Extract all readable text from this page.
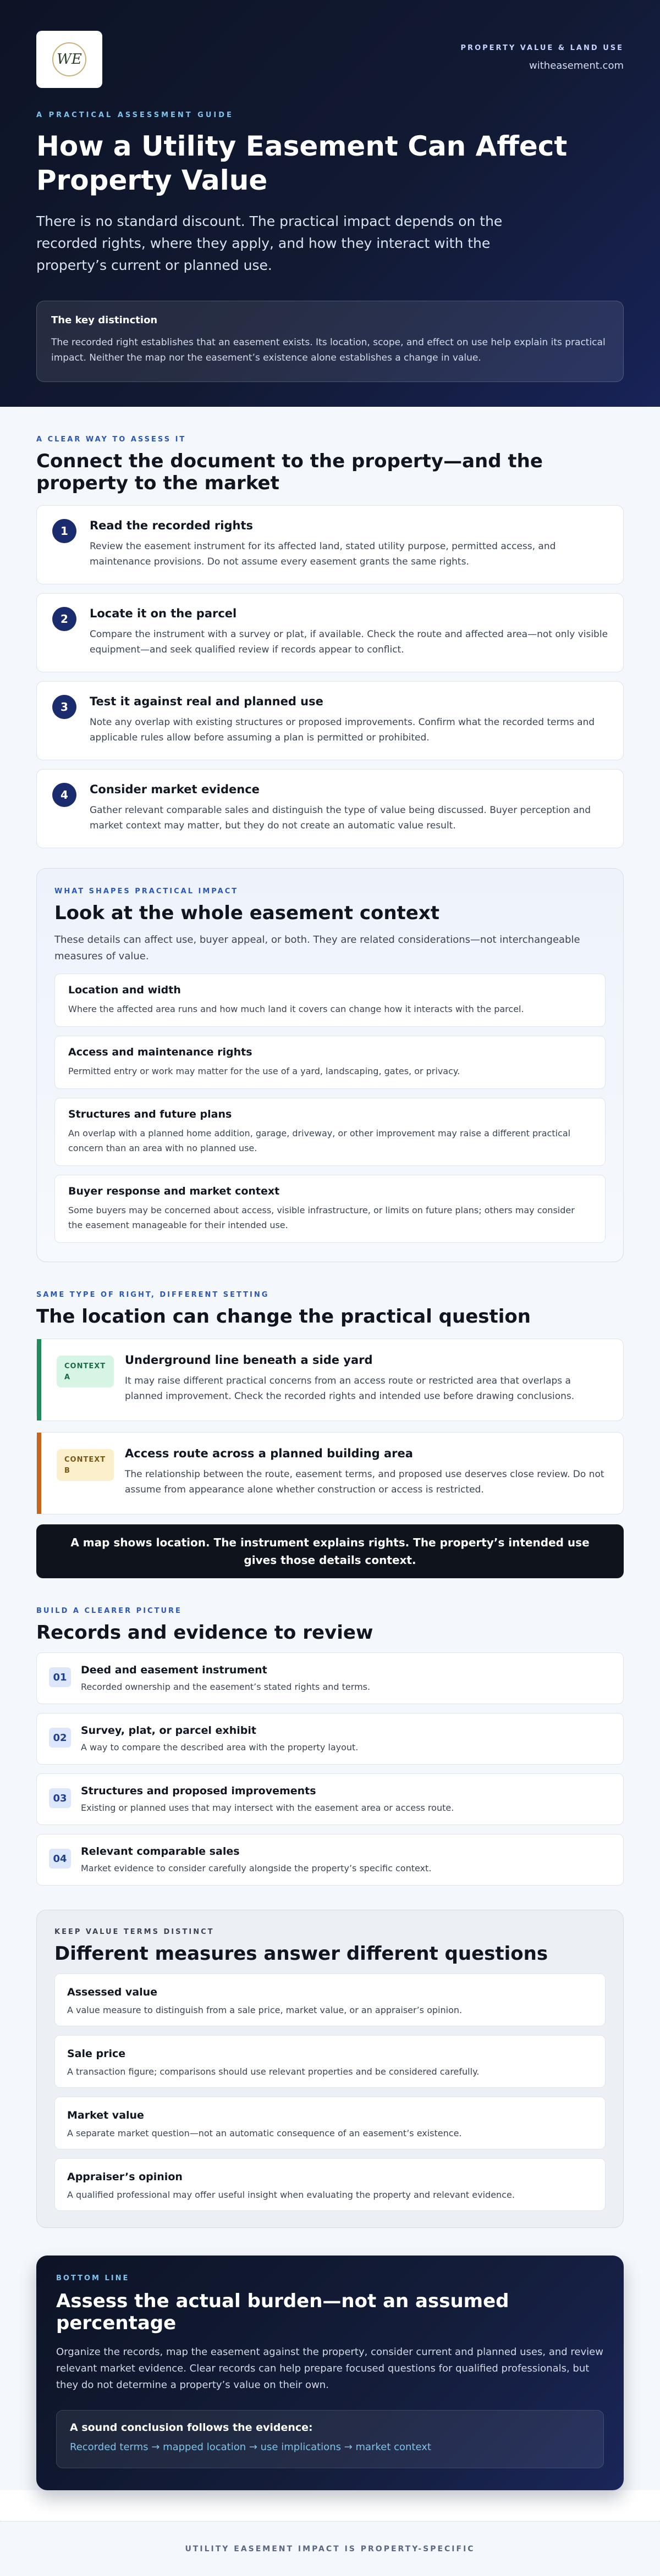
WE
PROPERTY VALUE & LAND USE
witheasement.com
A PRACTICAL ASSESSMENT GUIDE
How a Utility Easement Can Affect Property Value

There is no standard discount. The practical impact depends on the recorded rights, where they apply, and how they interact with the property’s current or planned use.

The key distinction
The recorded right establishes that an easement exists. Its location, scope, and effect on use help explain its practical impact. Neither the map nor the easement’s existence alone establishes a change in value.
A CLEAR WAY TO ASSESS IT
Connect the document to the property—and the property to the market
1	Read the recorded rights
Review the easement instrument for its affected land, stated utility purpose, permitted access, and maintenance provisions. Do not assume every easement grants the same rights.
2	Locate it on the parcel
Compare the instrument with a survey or plat, if available. Check the route and affected area—not only visible equipment—and seek qualified review if records appear to conflict.
3	Test it against real and planned use
Note any overlap with existing structures or proposed improvements. Confirm what the recorded terms and applicable rules allow before assuming a plan is permitted or prohibited.
4	Consider market evidence
Gather relevant comparable sales and distinguish the type of value being discussed. Buyer perception and market context may matter, but they do not create an automatic value result.
WHAT SHAPES PRACTICAL IMPACT
Look at the whole easement context

These details can affect use, buyer appeal, or both. They are related considerations—not interchangeable measures of value.

Location and width
Where the affected area runs and how much land it covers can change how it interacts with the parcel.
Access and maintenance rights
Permitted entry or work may matter for the use of a yard, landscaping, gates, or privacy.
Structures and future plans
An overlap with a planned home addition, garage, driveway, or other improvement may raise a different practical concern than an area with no planned use.
Buyer response and market context
Some buyers may be concerned about access, visible infrastructure, or limits on future plans; others may consider the easement manageable for their intended use.
SAME TYPE OF RIGHT, DIFFERENT SETTING
The location can change the practical question
CONTEXT A
Underground line beneath a side yard
It may raise different practical concerns from an access route or restricted area that overlaps a planned improvement. Check the recorded rights and intended use before drawing conclusions.
CONTEXT B
Access route across a planned building area
The relationship between the route, easement terms, and proposed use deserves close review. Do not assume from appearance alone whether construction or access is restricted.
A map shows location. The instrument explains rights. The property’s intended use gives those details context.
BUILD A CLEARER PICTURE
Records and evidence to review
01
Deed and easement instrument
Recorded ownership and the easement’s stated rights and terms.
02
Survey, plat, or parcel exhibit
A way to compare the described area with the property layout.
03
Structures and proposed improvements
Existing or planned uses that may intersect with the easement area or access route.
04
Relevant comparable sales
Market evidence to consider carefully alongside the property’s specific context.
KEEP VALUE TERMS DISTINCT
Different measures answer different questions
Assessed value
A value measure to distinguish from a sale price, market value, or an appraiser’s opinion.
Sale price
A transaction figure; comparisons should use relevant properties and be considered carefully.
Market value
A separate market question—not an automatic consequence of an easement’s existence.
Appraiser’s opinion
A qualified professional may offer useful insight when evaluating the property and relevant evidence.
BOTTOM LINE
Assess the actual burden—not an assumed percentage

Organize the records, map the easement against the property, consider current and planned uses, and review relevant market evidence. Clear records can help prepare focused questions for qualified professionals, but they do not determine a property’s value on their own.

A sound conclusion follows the evidence:
Recorded terms → mapped location → use implications → market context
UTILITY EASEMENT IMPACT IS PROPERTY-SPECIFIC
